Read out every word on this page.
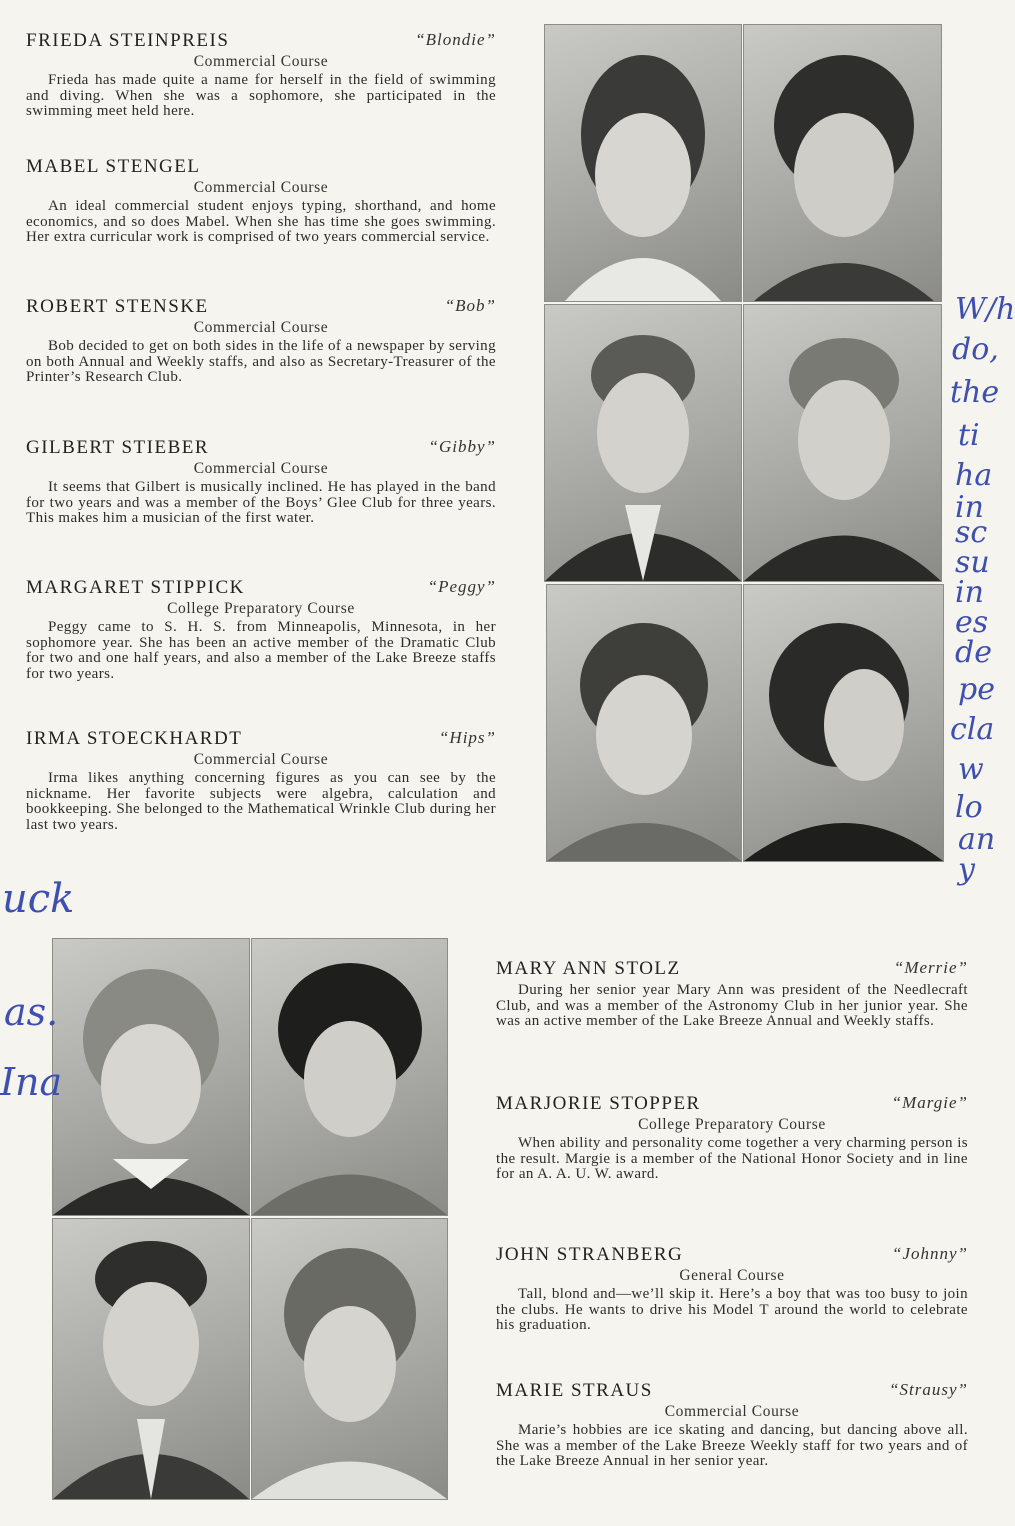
FRIEDA STEINPREIS	“Blondie”
Commercial Course
Frieda has made quite a name for herself in the field of swimming and diving. When she was a sophomore, she participated in the swimming meet held here.
MABEL STENGEL
Commercial Course
An ideal commercial student enjoys typing, shorthand, and home economics, and so does Mabel. When she has time she goes swimming. Her extra curricular work is comprised of two years commercial service.
ROBERT STENSKE	“Bob”
Commercial Course
Bob decided to get on both sides in the life of a newspaper by serving on both Annual and Weekly staffs, and also as Secretary-Treasurer of the Printer’s Research Club.
GILBERT STIEBER	“Gibby”
Commercial Course
It seems that Gilbert is musically inclined. He has played in the band for two years and was a member of the Boys’ Glee Club for three years. This makes him a musician of the first water.
MARGARET STIPPICK	“Peggy”
College Preparatory Course
Peggy came to S. H. S. from Minneapolis, Minnesota, in her sophomore year. She has been an active member of the Dramatic Club for two and one half years, and also a member of the Lake Breeze staffs for two years.
IRMA STOECKHARDT	“Hips”
Commercial Course
Irma likes anything concerning figures as you can see by the nickname. Her favorite subjects were algebra, calculation and bookkeeping. She belonged to the Mathematical Wrinkle Club during her last two years.
MARY ANN STOLZ	“Merrie”
During her senior year Mary Ann was president of the Needlecraft Club, and was a member of the Astronomy Club in her junior year. She was an active member of the Lake Breeze Annual and Weekly staffs.
MARJORIE STOPPER	“Margie”
College Preparatory Course
When ability and personality come together a very charming person is the result. Margie is a member of the National Honor Society and in line for an A. A. U. W. award.
JOHN STRANBERG	“Johnny”
General Course
Tall, blond and—we’ll skip it. Here’s a boy that was too busy to join the clubs. He wants to drive his Model T around the world to celebrate his graduation.
MARIE STRAUS	“Strausy”
Commercial Course
Marie’s hobbies are ice skating and dancing, but dancing above all. She was a member of the Lake Breeze Weekly staff for two years and of the Lake Breeze Annual in her senior year.
W/h
do,
the
ti
ha
in
sc
su
in
es
de
pe
cla
w
lo
an
y
uck
as.
Ina
